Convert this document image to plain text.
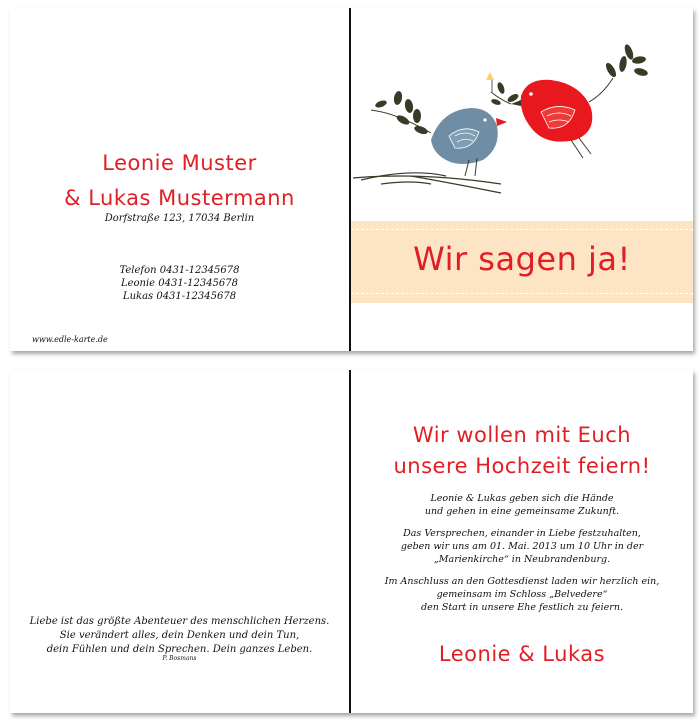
Leonie Muster
& Lukas Mustermann
Dorfstraße 123, 17034 Berlin
Telefon 0431-12345678
Leonie 0431-12345678
Lukas 0431-12345678
www.edle-karte.de
Wir sagen ja!
Liebe ist das größte Abenteuer des menschlichen Herzens.
Sie verändert alles, dein Denken und dein Tun,
dein Fühlen und dein Sprechen. Dein ganzes Leben.
P. Bosmans
Wir wollen mit Euch
unsere Hochzeit feiern!

Leonie & Lukas geben sich die Hände
und gehen in eine gemeinsame Zukunft.

Das Versprechen, einander in Liebe festzuhalten,
geben wir uns am 01. Mai. 2013 um 10 Uhr in der
„Marienkirche“ in Neubrandenburg.

Im Anschluss an den Gottesdienst laden wir herzlich ein,
gemeinsam im Schloss „Belvedere“
den Start in unsere Ehe festlich zu feiern.

Leonie & Lukas
